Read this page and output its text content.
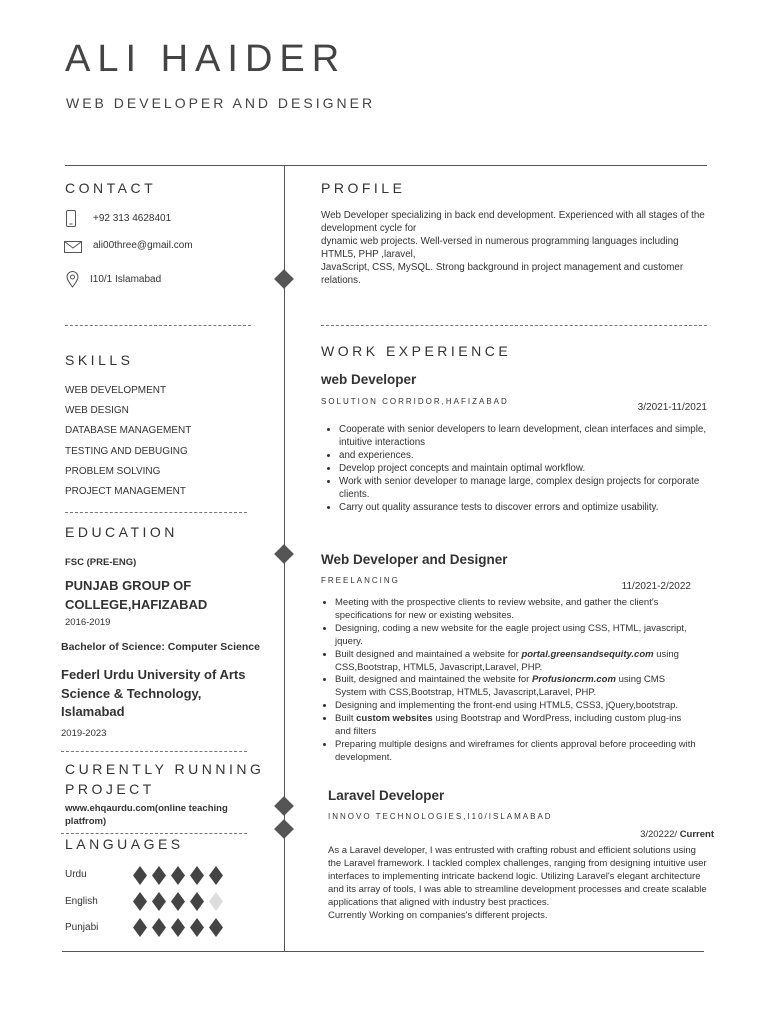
ALI HAIDER
WEB DEVELOPER AND DESIGNER
CONTACT
+92 313 4628401
ali00three@gmail.com
I10/1 Islamabad
SKILLS
WEB DEVELOPMENT
WEB DESIGN
DATABASE MANAGEMENT
TESTING AND DEBUGING
PROBLEM SOLVING
PROJECT MANAGEMENT
EDUCATION
FSC (PRE-ENG)
PUNJAB GROUP OF COLLEGE,HAFIZABAD
2016-2019
Bachelor of Science: Computer Science
Federl Urdu University of Arts Science & Technology, Islamabad
2019-2023
CURENTLY RUNNING PROJECT
www.ehqaurdu.com(online teaching platfrom)
LANGUAGES
Urdu
English
Punjabi
PROFILE
Web Developer specializing in back end development. Experienced with all stages of the development cycle for
dynamic web projects. Well-versed in numerous programming languages including HTML5, PHP ,laravel,
JavaScript, CSS, MySQL. Strong background in project management and customer relations.
WORK EXPERIENCE
web Developer
SOLUTION CORRIDOR,HAFIZABAD
3/2021-11/2021
• Cooperate with senior developers to learn development, clean interfaces and simple, intuitive interactions
• and experiences.
• Develop project concepts and maintain optimal workflow.
• Work with senior developer to manage large, complex design projects for corporate clients.
• Carry out quality assurance tests to discover errors and optimize usability.
Web Developer and Designer
FREELANCING
11/2021-2/2022
• Meeting with the prospective clients to review website, and gather the client's specifications for new or existing websites.
• Designing, coding a new website for the eagle project using CSS, HTML, javascript, jquery.
• Built designed and maintained a website for portal.greensandsequity.com using CSS,Bootstrap, HTML5, Javascript,Laravel, PHP.
• Built, designed and maintained the website for Profusioncrm.com using CMS System with CSS,Bootstrap, HTML5, Javascript,Laravel, PHP.
• Designing and implementing the front-end using HTML5, CSS3, jQuery,bootstrap.
• Built custom websites using Bootstrap and WordPress, including custom plug-ins and filters
• Preparing multiple designs and wireframes for clients approval before proceeding with development.
Laravel Developer
INNOVO TECHNOLOGIES,I10/ISLAMABAD
3/20222/ Current
As a Laravel developer, I was entrusted with crafting robust and efficient solutions using the Laravel framework. I tackled complex challenges, ranging from designing intuitive user interfaces to implementing intricate backend logic. Utilizing Laravel's elegant architecture and its array of tools, I was able to streamline development processes and create scalable applications that aligned with industry best practices.
Currently Working on companies's different projects.
